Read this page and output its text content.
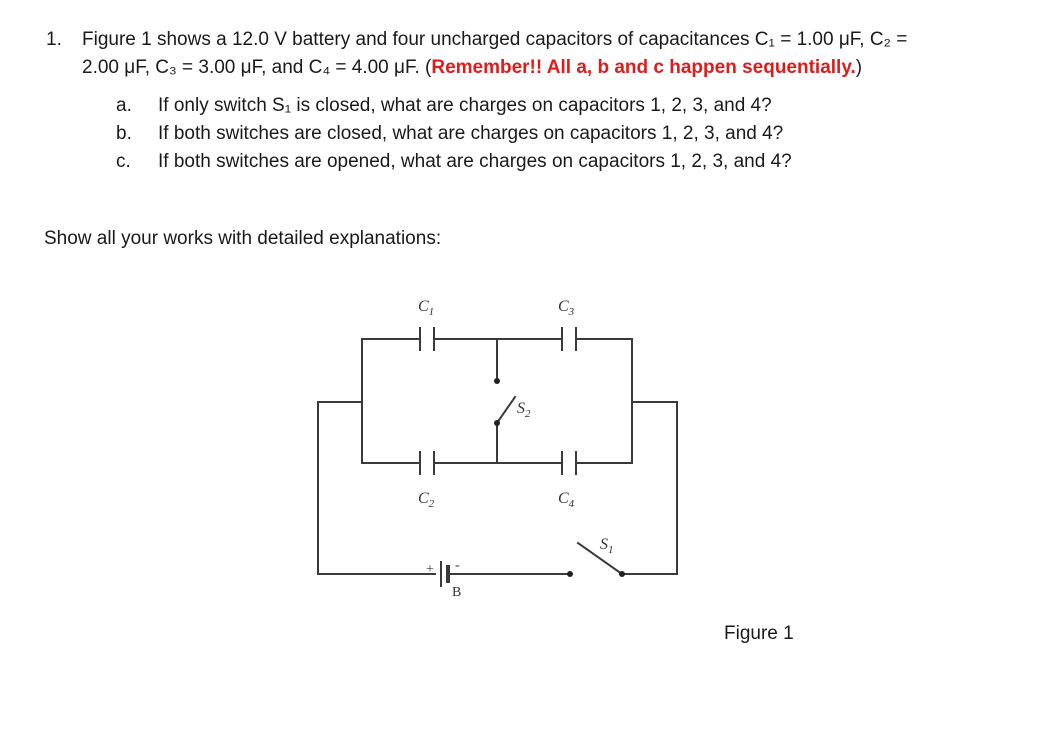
1. Figure 1 shows a 12.0 V battery and four uncharged capacitors of capacitances C₁ = 1.00 μF, C₂ =
2.00 μF, C₃ = 3.00 μF, and C₄ = 4.00 μF. (Remember!! All a, b and c happen sequentially.)
a.	If only switch S₁ is closed, what are charges on capacitors 1, 2, 3, and 4?
b.	If both switches are closed, what are charges on capacitors 1, 2, 3, and 4?
c.	If both switches are opened, what are charges on capacitors 1, 2, 3, and 4?
Show all your works with detailed explanations:
$C_1$	$C_3$
$C_2$	$C_4$
$S_2$
$S_1$
+ -
B
Figure 1
